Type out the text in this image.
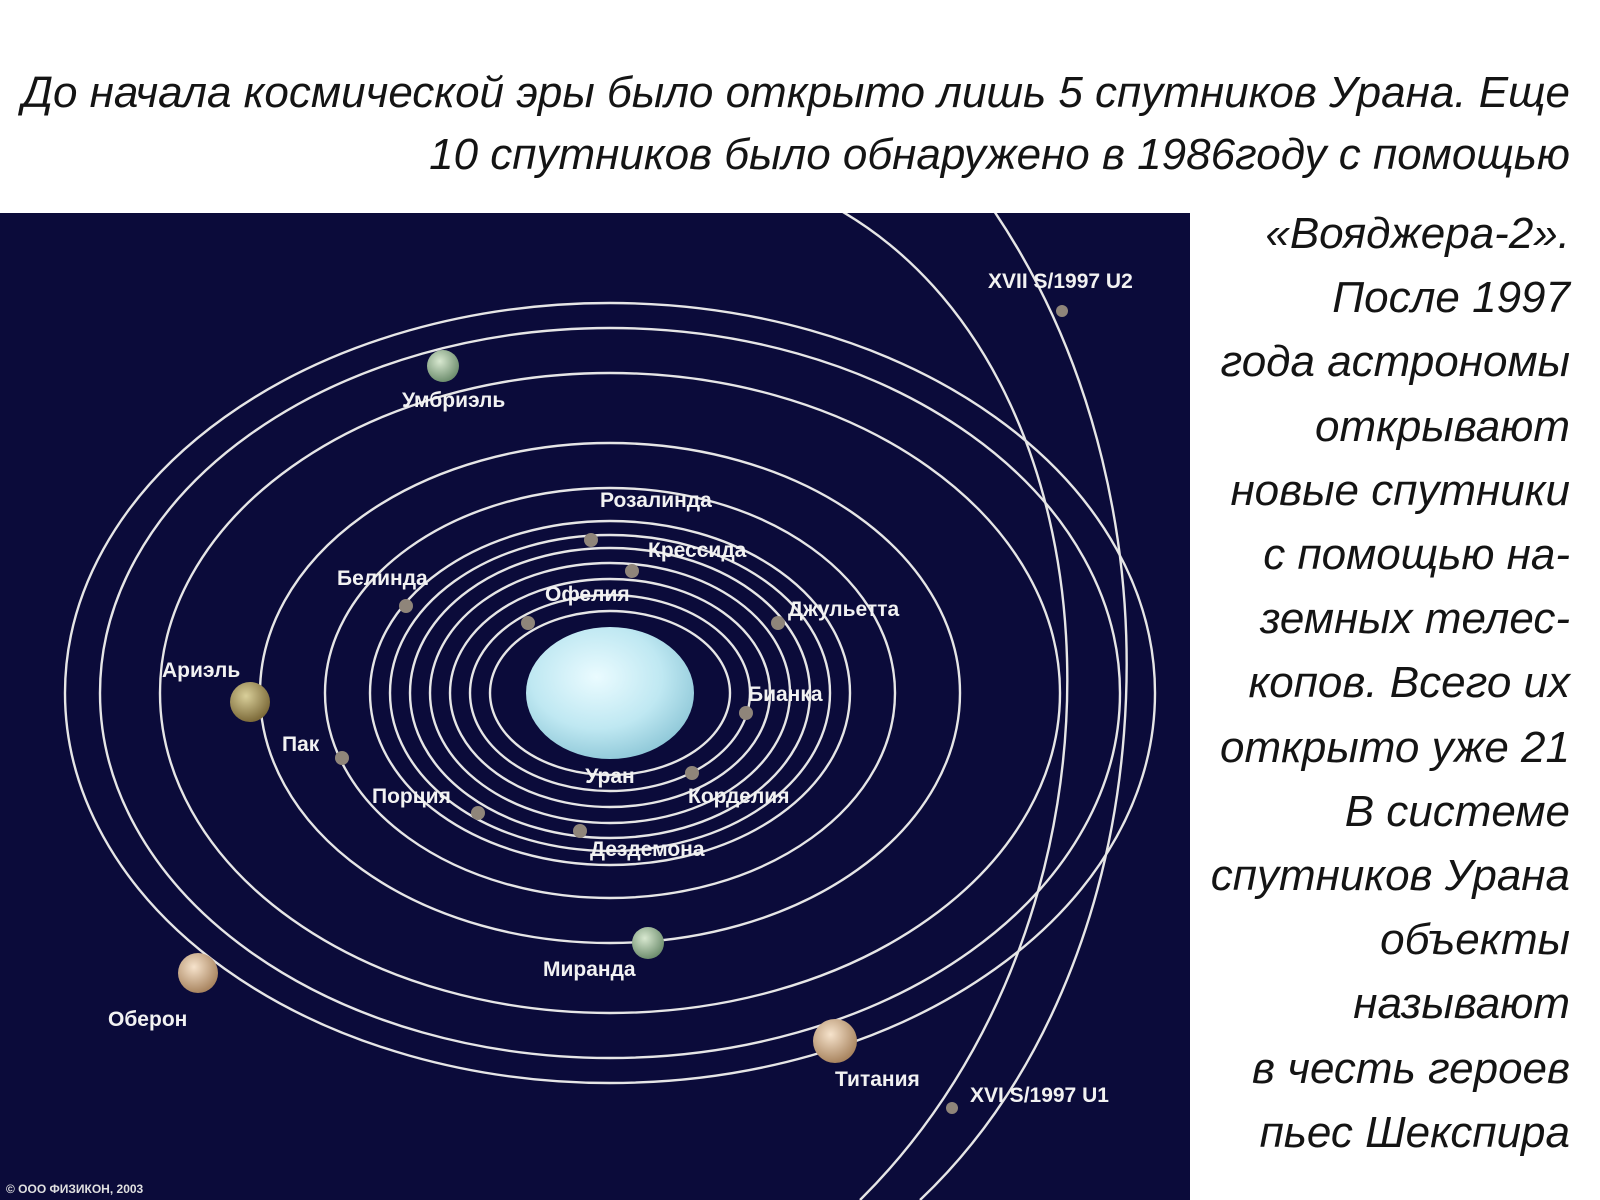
До начала космической эры было открыто лишь 5 спутников Урана. Еще 10 спутников было обнаружено в 1986году с помощью

«Вояджера-2».
После 1997
года астрономы
открывают
новые спутники
с помощью на-
земных телес-
копов. Всего их
открыто уже 21
В системе
спутников Урана
объекты
называют
в честь героев
пьес Шекспира
Уран
Умбриэль
Розалинда
Крессида
Белинда
Офелия
Джульетта
Ариэль
Бианка
Пак
Порция	Корделия
Дездемона
Миранда
Оберон
Титания
XVII S/1997 U2
XVI S/1997 U1
© ООО ФИЗИКОН, 2003
